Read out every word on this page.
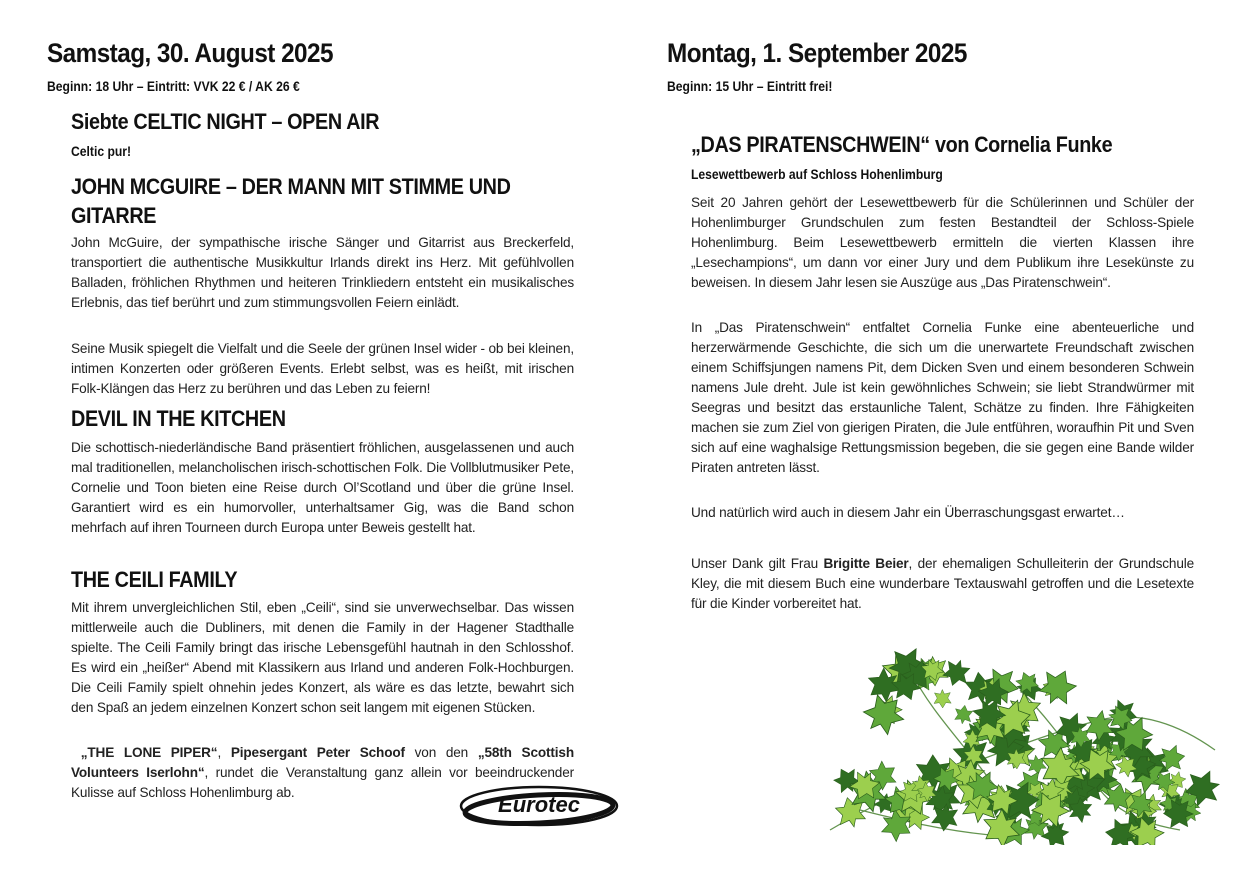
Samstag, 30. August 2025

Beginn: 18 Uhr – Eintritt: VVK 22 € / AK 26 €

Siebte CELTIC NIGHT – OPEN AIR

Celtic pur!

JOHN MCGUIRE – DER MANN MIT STIMME UND GITARRE

John McGuire, der sympathische irische Sänger und Gitarrist aus Breckerfeld, transportiert die authentische Musikkultur Irlands direkt ins Herz. Mit gefühlvollen Balladen, fröhlichen Rhythmen und heiteren Trinkliedern entsteht ein musikalisches Erlebnis, das tief berührt und zum stimmungsvollen Feiern einlädt.

Seine Musik spiegelt die Vielfalt und die Seele der grünen Insel wider - ob bei kleinen, intimen Konzerten oder größeren Events. Erlebt selbst, was es heißt, mit irischen Folk-Klängen das Herz zu berühren und das Leben zu feiern!

DEVIL IN THE KITCHEN

Die schottisch-niederländische Band präsentiert fröhlichen, ausgelassenen und auch mal traditionellen, melancholischen irisch-schottischen Folk. Die Vollblutmusiker Pete, Cornelie und Toon bieten eine Reise durch Ol’Scotland und über die grüne Insel. Garantiert wird es ein humorvoller, unterhaltsamer Gig, was die Band schon mehrfach auf ihren Tourneen durch Europa unter Beweis gestellt hat.

THE CEILI FAMILY

Mit ihrem unvergleichlichen Stil, eben „Ceili“, sind sie unverwechselbar. Das wissen mittlerweile auch die Dubliners, mit denen die Family in der Hagener Stadthalle spielte. The Ceili Family bringt das irische Lebensgefühl hautnah in den Schlosshof. Es wird ein „heißer“ Abend mit Klassikern aus Irland und anderen Folk-Hochburgen. Die Ceili Family spielt ohnehin jedes Konzert, als wäre es das letzte, bewahrt sich den Spaß an jedem einzelnen Konzert schon seit langem mit eigenen Stücken.

„THE LONE PIPER“, Pipesergant Peter Schoof von den „58th Scottish Volunteers Iserlohn“, rundet die Veranstaltung ganz allein vor beeindruckender Kulisse auf Schloss Hohenlimburg ab.	Eurotec
Montag, 1. September 2025

Beginn: 15 Uhr – Eintritt frei!

„DAS PIRATENSCHWEIN“ von Cornelia Funke

Lesewettbewerb auf Schloss Hohenlimburg

Seit 20 Jahren gehört der Lesewettbewerb für die Schülerinnen und Schüler der Hohenlimburger Grundschulen zum festen Bestandteil der Schloss-Spiele Hohenlimburg. Beim Lesewettbewerb ermitteln die vierten Klassen ihre „Lesechampions“, um dann vor einer Jury und dem Publikum ihre Lesekünste zu beweisen. In diesem Jahr lesen sie Auszüge aus „Das Piratenschwein“.

In „Das Piratenschwein“ entfaltet Cornelia Funke eine abenteuerliche und herzerwärmende Geschichte, die sich um die unerwartete Freundschaft zwischen einem Schiffsjungen namens Pit, dem Dicken Sven und einem besonderen Schwein namens Jule dreht. Jule ist kein gewöhnliches Schwein; sie liebt Strandwürmer mit Seegras und besitzt das erstaunliche Talent, Schätze zu finden. Ihre Fähigkeiten machen sie zum Ziel von gierigen Piraten, die Jule entführen, woraufhin Pit und Sven sich auf eine waghalsige Rettungsmission begeben, die sie gegen eine Bande wilder Piraten antreten lässt.

Und natürlich wird auch in diesem Jahr ein Überraschungsgast erwartet…

Unser Dank gilt Frau Brigitte Beier, der ehemaligen Schulleiterin der Grundschule Kley, die mit diesem Buch eine wunderbare Textauswahl getroffen und die Lesetexte für die Kinder vorbereitet hat.
